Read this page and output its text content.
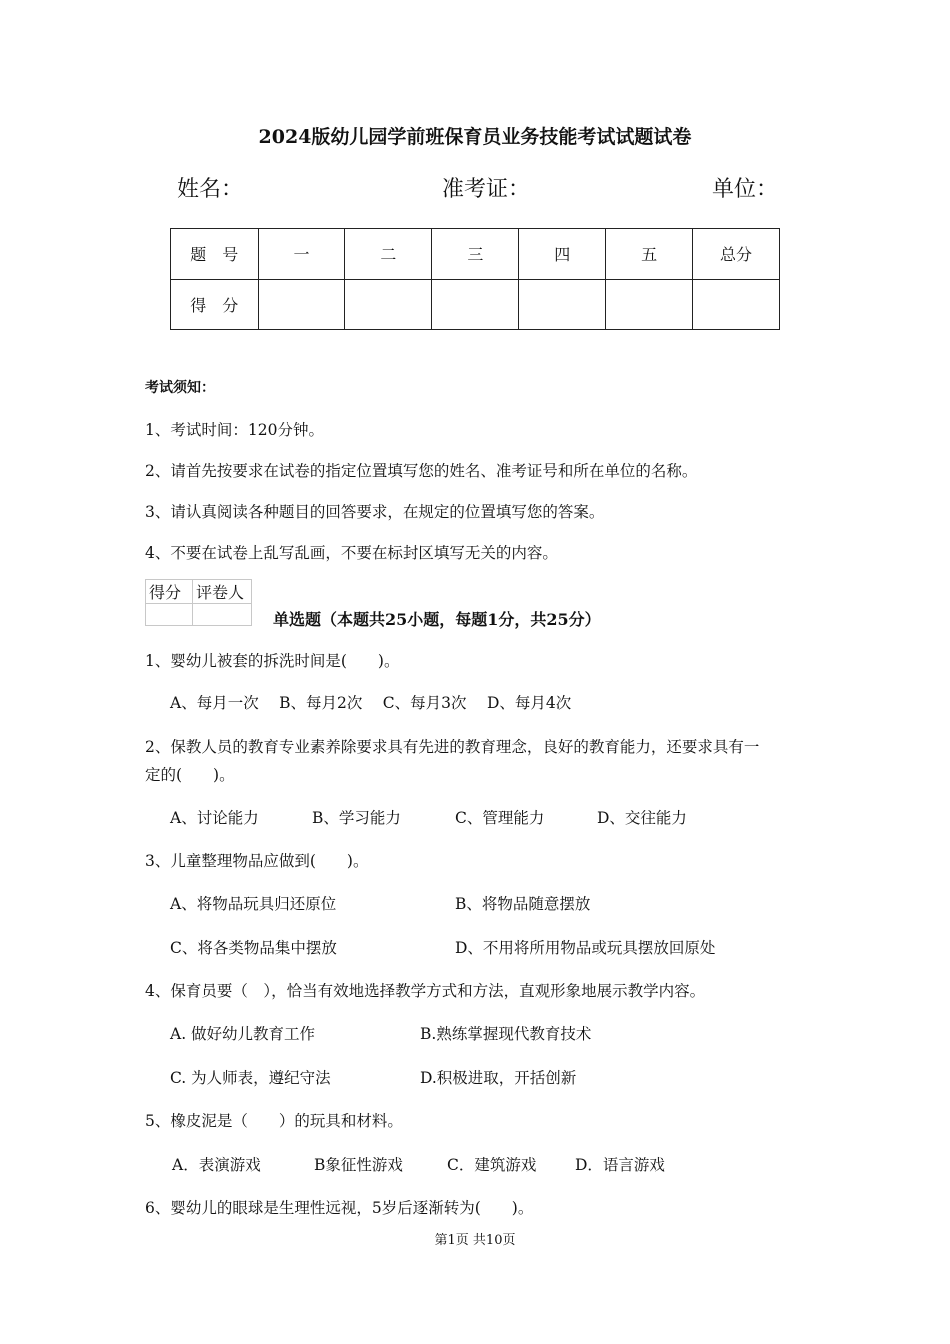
2024版幼儿园学前班保育员业务技能考试试题试卷
姓名：	准考证：	单位：
题　号	一	二	三	四	五	总分
得　分						
考试须知：
1、考试时间：120分钟。
2、请首先按要求在试卷的指定位置填写您的姓名、准考证号和所在单位的名称。
3、请认真阅读各种题目的回答要求，在规定的位置填写您的答案。
4、不要在试卷上乱写乱画，不要在标封区填写无关的内容。
得分	评卷人

单选题（本题共25小题，每题1分，共25分）
1、婴幼儿被套的拆洗时间是(　　)。
A、每月一次　 B、每月2次　 C、每月3次　 D、每月4次
2、保教人员的教育专业素养除要求具有先进的教育理念，良好的教育能力，还要求具有一
定的(　　)。
A、讨论能力	B、学习能力	C、管理能力	D、交往能力
3、儿童整理物品应做到(　　)。
A、将物品玩具归还原位	B、将物品随意摆放
C、将各类物品集中摆放	D、不用将所用物品或玩具摆放回原处
4、保育员要（　），恰当有效地选择教学方式和方法，直观形象地展示教学内容。
A. 做好幼儿教育工作	B.熟练掌握现代教育技术
C. 为人师表，遵纪守法	D.积极进取，开括创新
5、橡皮泥是（　　）的玩具和材料。
A．表演游戏	B象征性游戏	C．建筑游戏 D．语言游戏
6、婴幼儿的眼球是生理性远视，5岁后逐渐转为(　　)。
第1页 共10页
